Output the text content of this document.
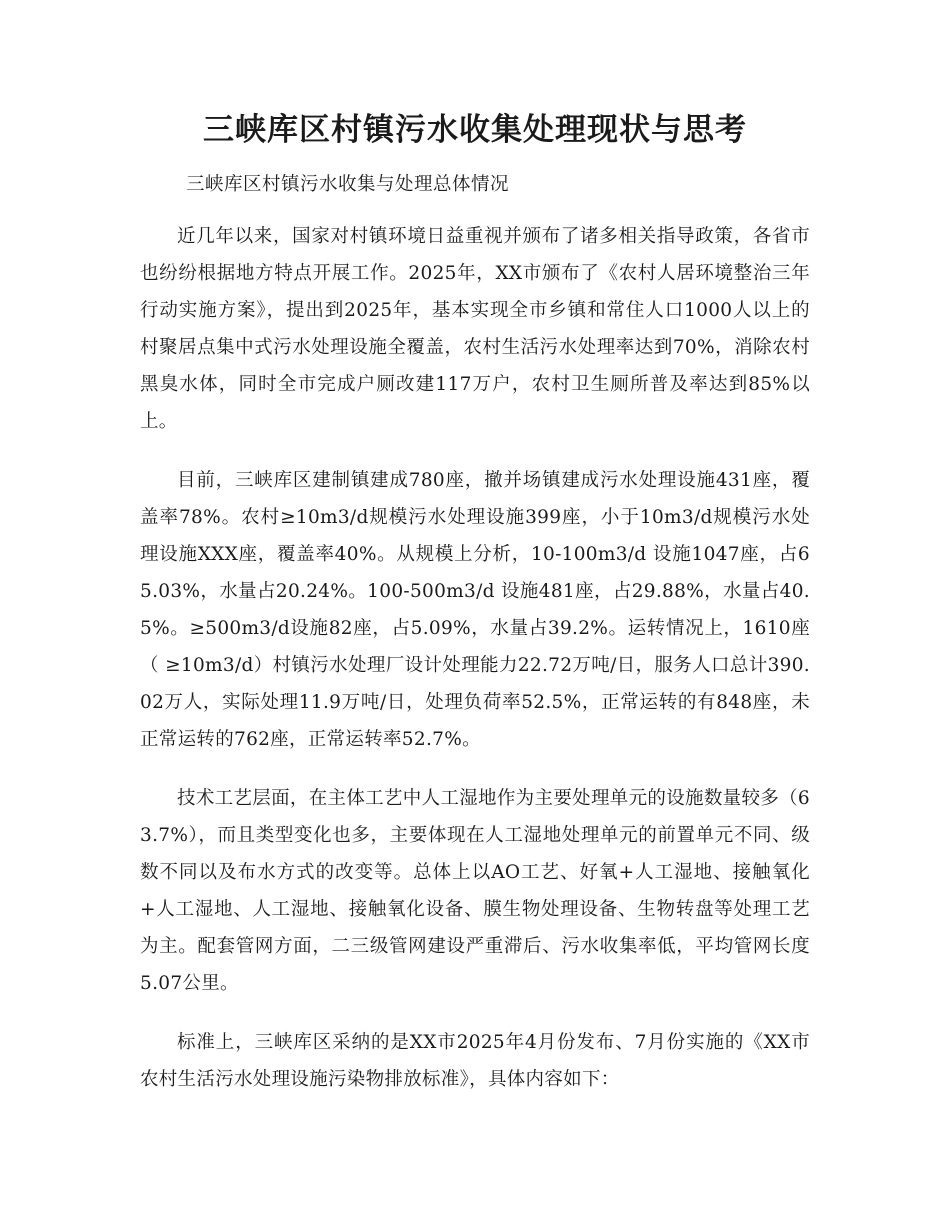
三峡库区村镇污水收集处理现状与思考

三峡库区村镇污水收集与处理总体情况

近几年以来，国家对村镇环境日益重视并颁布了诸多相关指导政策，各省市也纷纷根据地方特点开展工作。2025年，XX市颁布了《农村人居环境整治三年行动实施方案》，提出到2025年，基本实现全市乡镇和常住人口1000人以上的村聚居点集中式污水处理设施全覆盖，农村生活污水处理率达到70%，消除农村黑臭水体，同时全市完成户厕改建117万户，农村卫生厕所普及率达到85%以上。

目前，三峡库区建制镇建成780座，撤并场镇建成污水处理设施431座，覆盖率78%。农村≥10m3/d规模污水处理设施399座，小于10m3/d规模污水处理设施XXX座，覆盖率40%。从规模上分析，10-100m3/d 设施1047座，占65.03%，水量占20.24%。100-500m3/d 设施481座，占29.88%，水量占40.5%。≥500m3/d设施82座，占5.09%，水量占39.2%。运转情况上，1610座（ ≥10m3/d）村镇污水处理厂设计处理能力22.72万吨/日，服务人口总计390.02万人，实际处理11.9万吨/日，处理负荷率52.5%，正常运转的有848座，未正常运转的762座，正常运转率52.7%。

技术工艺层面，在主体工艺中人工湿地作为主要处理单元的设施数量较多（63.7%），而且类型变化也多，主要体现在人工湿地处理单元的前置单元不同、级数不同以及布水方式的改变等。总体上以AO工艺、好氧+人工湿地、接触氧化+人工湿地、人工湿地、接触氧化设备、膜生物处理设备、生物转盘等处理工艺为主。配套管网方面，二三级管网建设严重滞后、污水收集率低，平均管网长度5.07公里。

标准上，三峡库区采纳的是XX市2025年4月份发布、7月份实施的《XX市农村生活污水处理设施污染物排放标准》，具体内容如下：
